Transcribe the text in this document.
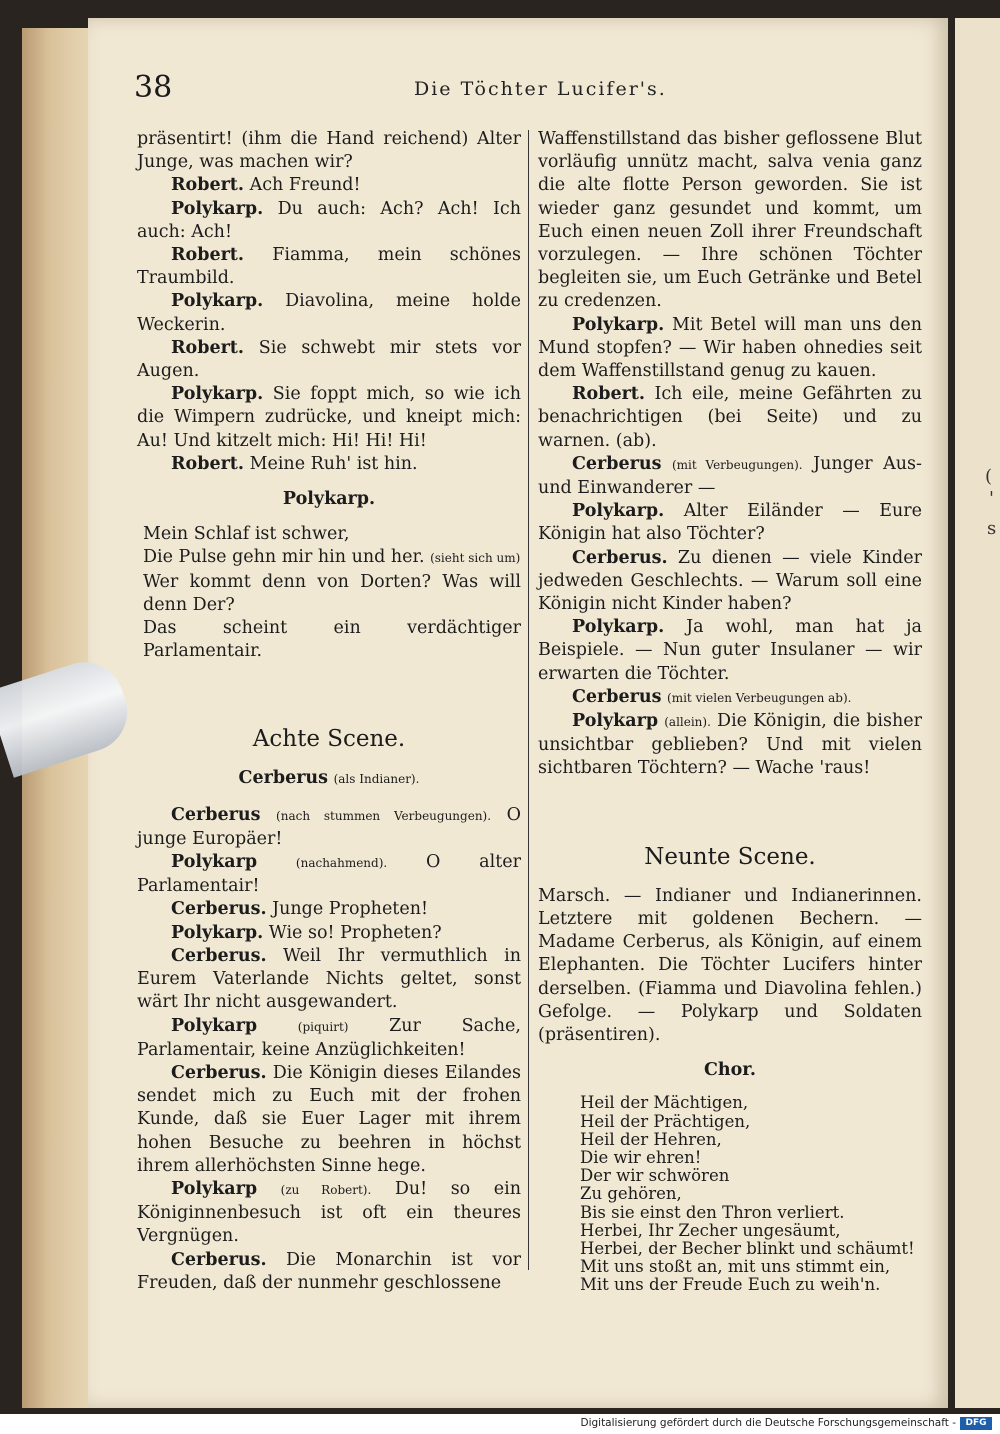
(
'
s
38	Die Töchter Lucifer's.

präsentirt! (ihm die Hand reichend) Alter Junge, was machen wir?

Robert. Ach Freund!

Polykarp. Du auch: Ach? Ach! Ich auch: Ach!

Robert. Fiamma, mein schönes Traumbild.

Polykarp. Diavolina, meine holde Weckerin.

Robert. Sie schwebt mir stets vor Augen.

Polykarp. Sie foppt mich, so wie ich die Wimpern zudrücke, und kneipt mich: Au! Und kitzelt mich: Hi! Hi! Hi!

Robert. Meine Ruh' ist hin.

Polykarp.

Mein Schlaf ist schwer,

Die Pulse gehn mir hin und her. (sieht sich um)

Wer kommt denn von Dorten? Was will denn Der?

Das scheint ein verdächtiger Parlamentair.

Achte Scene.

Cerberus (als Indianer).

Cerberus (nach stummen Verbeugungen). O junge Europäer!

Polykarp	(nachahmend). O alter Parlamentair!

Cerberus. Junge Propheten!

Polykarp. Wie so! Propheten?

Cerberus. Weil Ihr vermuthlich in Eurem Vaterlande Nichts geltet, sonst wärt Ihr nicht ausgewandert.

Polykarp	(piquirt) Zur Sache, Parlamentair, keine Anzüglichkeiten!

Cerberus. Die Königin dieses Eilandes sendet mich zu Euch mit der frohen Kunde, daß sie Euer Lager mit ihrem hohen Besuche zu beehren in höchst ihrem allerhöchsten Sinne hege.

Polykarp (zu Robert). Du! so ein Königinnenbesuch ist oft ein theures Vergnügen.

Cerberus. Die Monarchin ist vor Freuden, daß der nunmehr geschlossene

Waffenstillstand das bisher geflossene Blut vorläufig unnütz macht, salva venia ganz die alte flotte Person geworden. Sie ist wieder ganz gesundet und kommt, um Euch einen neuen Zoll ihrer Freundschaft vorzulegen. — Ihre schönen Töchter begleiten sie, um Euch Getränke und Betel zu credenzen.

Polykarp. Mit Betel will man uns den Mund stopfen? — Wir haben ohnedies seit dem Waffenstillstand genug zu kauen.

Robert. Ich eile, meine Gefährten zu benachrichtigen (bei Seite) und zu warnen. (ab).

Cerberus (mit Verbeugungen). Junger Aus- und Einwanderer —

Polykarp. Alter Eiländer — Eure Königin hat also Töchter?

Cerberus. Zu dienen — viele Kinder jedweden Geschlechts. — Warum soll eine Königin nicht Kinder haben?

Polykarp. Ja wohl, man hat ja Beispiele. — Nun guter Insulaner — wir erwarten die Töchter.

Cerberus (mit vielen Verbeugungen ab).

Polykarp (allein). Die Königin, die bisher unsichtbar geblieben? Und mit vielen sichtbaren Töchtern? — Wache 'raus!

Neunte Scene.

Marsch. — Indianer und Indianerinnen. Letztere mit goldenen Bechern. — Madame Cerberus, als Königin, auf einem Elephanten. Die Töchter Lucifers hinter derselben. (Fiamma und Diavolina fehlen.) Gefolge. — Polykarp und Soldaten (präsentiren).

Chor.

Heil der Mächtigen,

Heil der Prächtigen,

Heil der Hehren,

Die wir ehren!

Der wir schwören

Zu gehören,

Bis sie einst den Thron verliert.

Herbei, Ihr Zecher ungesäumt,

Herbei, der Becher blinkt und schäumt!

Mit uns stoßt an, mit uns stimmt ein,

Mit uns der Freude Euch zu weih'n.

Digitalisierung gefördert durch die Deutsche Forschungsgemeinschaft -	DFG
